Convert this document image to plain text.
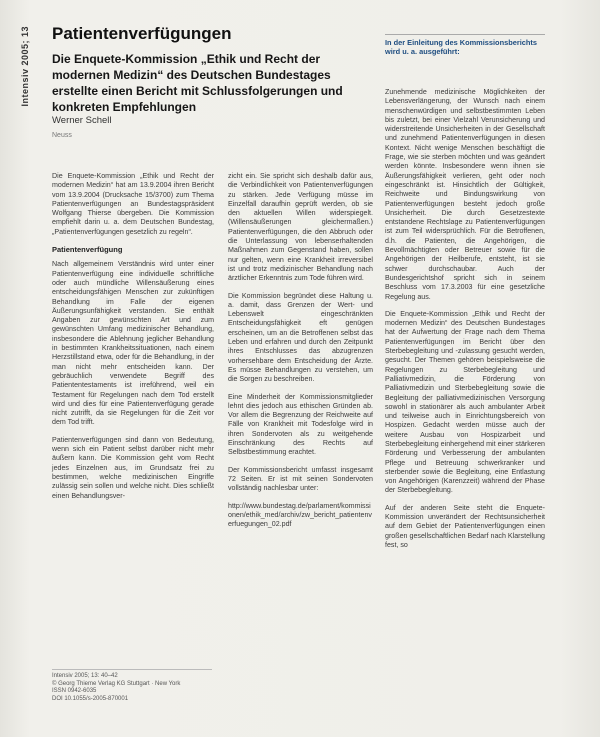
Intensiv 2005; 13 Patientenverfügungen
Die Enquete-Kommission „Ethik und Recht der modernen Medizin“ des Deutschen Bundestages erstellte einen Bericht mit Schlussfolgerungen und konkreten Empfehlungen
Werner Schell
Neuss
In der Einleitung des Kommissionsberichts wird u. a. ausgeführt:

Die Enquete-Kommission „Ethik und Recht der modernen Medizin“ hat am 13.9.2004 ihren Bericht vom 13.9.2004 (Drucksache 15/3700) zum Thema Patientenverfügungen an Bundestagspräsident Wolfgang Thierse übergeben. Die Kommission empfiehlt darin u. a. dem Deutschen Bundestag, „Patientenverfügungen gesetzlich zu regeln“.

Patientenverfügung

Nach allgemeinem Verständnis wird unter einer Patientenverfügung eine individuelle schriftliche oder auch mündliche Willensäußerung eines entscheidungsfähigen Menschen zur zukünftigen Behandlung im Falle der eigenen Äußerungsunfähigkeit verstanden. Sie enthält Angaben zur gewünschten Art und zum gewünschten Umfang medizinischer Behandlung, insbesondere die Ablehnung jeglicher Behandlung in bestimmten Krankheitssituationen, nach einem Herzstillstand etwa, oder für die Behandlung, in der man nicht mehr entscheiden kann. Der gebräuchlich verwendete Begriff des Patiententestaments ist irreführend, weil ein Testament für Regelungen nach dem Tod erstellt wird und dies für eine Patientenverfügung gerade nicht zutrifft, da sie Regelungen für die Zeit vor dem Tod trifft.

Patientenverfügungen sind dann von Bedeutung, wenn sich ein Patient selbst darüber nicht mehr äußern kann. Die Kommission geht vom Recht jedes Einzelnen aus, im Grundsatz frei zu bestimmen, welche medizinischen Eingriffe zulässig sein sollen und welche nicht. Dies schließt einen Behandlungsver-

zicht ein. Sie spricht sich deshalb dafür aus, die Verbindlichkeit von Patientenverfügungen zu stärken. Jede Verfügung müsse im Einzelfall daraufhin geprüft werden, ob sie den aktuellen Willen widerspiegelt. (Willensäußerungen gleichermaßen.) Patientenverfügungen, die den Abbruch oder die Unterlassung von lebenserhaltenden Maßnahmen zum Gegenstand haben, sollen nur gelten, wenn eine Krankheit irreversibel ist und trotz medizinischer Behandlung nach ärztlicher Erkenntnis zum Tode führen wird.

Die Kommission begründet diese Haltung u. a. damit, dass Grenzen der Wert- und Lebenswelt eingeschränkten Entscheidungsfähigkeit eft genügen erscheinen, um an die Betroffenen selbst das Leben und erfahren und durch den Zeitpunkt ihres Entschlusses das abzugrenzen vorhersehbare dem Entscheidung der Ärzte. Es müsse Behandlungen zu verstehen, um die Sorgen zu beschreiben.

Eine Minderheit der Kommissionsmitglieder lehnt dies jedoch aus ethischen Gründen ab. Vor allem die Begrenzung der Reichweite auf Fälle von Krankheit mit Todesfolge wird in ihren Sondervoten als zu weitgehende Einschränkung des Rechts auf Selbstbestimmung erachtet.

Der Kommissionsbericht umfasst insgesamt 72 Seiten. Er ist mit seinen Sondervoten vollständig nachlesbar unter:

http://www.bundestag.de/parlament/kommissionen/ethik_med/archiv/zw_bericht_patientenverfuegungen_02.pdf

Zunehmende medizinische Möglichkeiten der Lebensverlängerung, der Wunsch nach einem menschenwürdigen und selbstbestimmten Leben bis zuletzt, bei einer Vielzahl Verunsicherung und widerstreitende Unsicherheiten in der Gesellschaft und zunehmend Patientenverfügungen in diesen Kontext. Nicht wenige Menschen beschäftigt die Frage, wie sie sterben möchten und was geändert werden könnte. Insbesondere wenn ihnen sie Äußerungsfähigkeit verlieren, geht oder noch eingeschränkt ist. Hinsichtlich der Gültigkeit, Reichweite und Bindungswirkung von Patientenverfügungen besteht jedoch große Unsicherheit. Die durch Gesetzestexte entstandene Rechtslage zu Patientenverfügungen ist zum Teil widersprüchlich. Für die Betroffenen, d.h. die Patienten, die Angehörigen, die Bevollmächtigten oder Betreuer sowie für die Angehörigen der Heilberufe, entsteht, ist sie schwer durchschaubar. Auch der Bundesgerichtshof spricht sich in seinem Beschluss vom 17.3.2003 für eine gesetzliche Regelung aus.

Die Enquete-Kommission „Ethik und Recht der modernen Medizin“ des Deutschen Bundestages hat der Aufwertung der Frage nach dem Thema Patientenverfügungen im Bericht über den Sterbebegleitung und -zulassung gesucht werden, gesucht. Der Themen gehören beispielsweise die Regelungen zu Sterbebegleitung und Palliativmedizin, die Förderung von Palliativmedizin und Sterbebegleitung sowie die Begleitung der palliativmedizinischen Versorgung sowohl in stationärer als auch ambulanter Arbeit und teilweise auch in Einrichtungsbereich von Hospizen. Gedacht werden müsse auch der weitere Ausbau von Hospizarbeit und Sterbebegleitung einhergehend mit einer stärkeren Förderung und Verbesserung der ambulanten Pflege und Betreuung schwerkranker und sterbender sowie die Begleitung, eine Entlastung von Angehörigen (Karenzzeit) während der Phase der Sterbebegleitung.

Auf der anderen Seite steht die Enquete-Kommission unverändert der Rechtsunsicherheit auf dem Gebiet der Patientenverfügungen einen großen gesellschaftlichen Bedarf nach Klarstellung fest, so

Intensiv 2005; 13: 40–42
© Georg Thieme Verlag KG Stuttgart · New York
ISSN 0942-6035
DOI 10.1055/s-2005-870001
